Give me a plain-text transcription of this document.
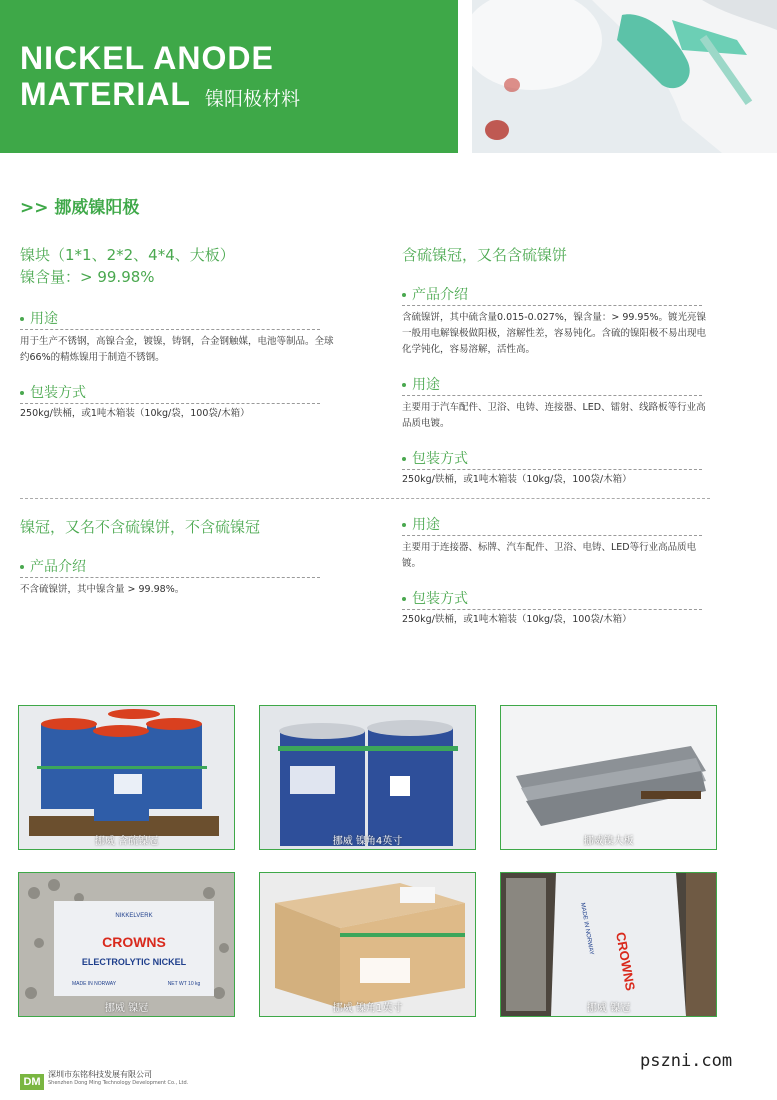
NICKEL ANODE
MATERIAL 镍阳极材料
>> 挪威镍阳极
镍块（1*1、2*2、4*4、大板）
镍含量：> 99.98%
用途
用于生产不锈钢，高镍合金，镀镍，铸钢，合金钢触媒，电池等制品。全球约66%的精炼镍用于制造不锈钢。
包装方式
250kg/铁桶，或1吨木箱装（10kg/袋，100袋/木箱）
含硫镍冠，又名含硫镍饼
产品介绍
含硫镍饼，其中硫含量0.015-0.027%，镍含量：> 99.95%。镀光亮镍一般用电解镍极做阳极，溶解性差，容易钝化。含硫的镍阳极不易出现电化学钝化，容易溶解，活性高。
用途
主要用于汽车配件、卫浴、电铸、连接器、LED、镭射、线路板等行业高品质电镀。
包装方式
250kg/铁桶，或1吨木箱装（10kg/袋，100袋/木箱）
镍冠，又名不含硫镍饼，不含硫镍冠
产品介绍
不含硫镍饼，其中镍含量 > 99.98%。
用途
主要用于连接器、标牌、汽车配件、卫浴、电铸、LED等行业高品质电镀。
包装方式
250kg/铁桶，或1吨木箱装（10kg/袋，100袋/木箱）
挪威 含硫镍冠	挪威 镍角4英寸	挪威镍大板
NIKKELVERK
CROWNS
ELECTROLYTIC NICKEL
MADE IN NORWAY	NET WT 10 kg
挪威 镍冠	挪威 镍角1英寸
CROWNS
MADE IN NORWAY
挪威 镍冠
DM
深圳市东铭科技发展有限公司
Shenzhen Dong Ming Technology Development Co., Ltd.
pszni.com
